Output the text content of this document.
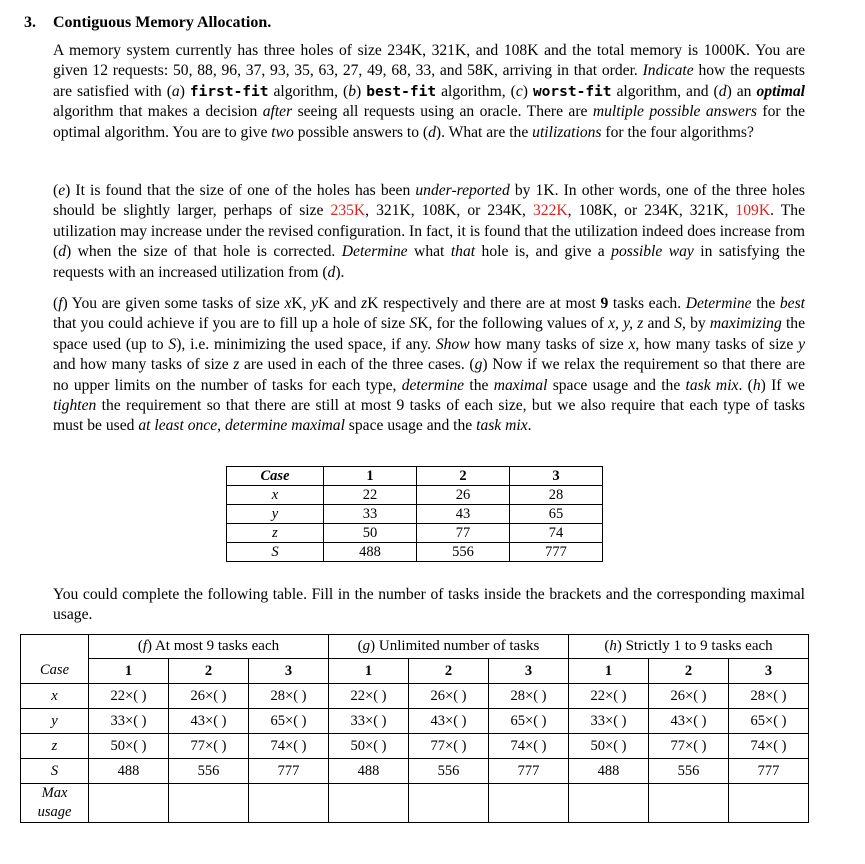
3. Contiguous Memory Allocation.
A memory system currently has three holes of size 234K, 321K, and 108K and the total memory is 1000K. You are given 12 requests: 50, 88, 96, 37, 93, 35, 63, 27, 49, 68, 33, and 58K, arriving in that order. Indicate how the requests are satisfied with (a) first-fit algorithm, (b) best-fit algorithm, (c) worst-fit algorithm, and (d) an optimal algorithm that makes a decision after seeing all requests using an oracle. There are multiple possible answers for the optimal algorithm. You are to give two possible answers to (d). What are the utilizations for the four algorithms?
(e) It is found that the size of one of the holes has been under-reported by 1K. In other words, one of the three holes should be slightly larger, perhaps of size 235K, 321K, 108K, or 234K, 322K, 108K, or 234K, 321K, 109K. The utilization may increase under the revised configuration. In fact, it is found that the utilization indeed does increase from (d) when the size of that hole is corrected. Determine what that hole is, and give a possible way in satisfying the requests with an increased utilization from (d).
(f) You are given some tasks of size xK, yK and zK respectively and there are at most 9 tasks each. Determine the best that you could achieve if you are to fill up a hole of size SK, for the following values of x, y, z and S, by maximizing the space used (up to S), i.e. minimizing the used space, if any. Show how many tasks of size x, how many tasks of size y and how many tasks of size z are used in each of the three cases. (g) Now if we relax the requirement so that there are no upper limits on the number of tasks for each type, determine the maximal space usage and the task mix. (h) If we tighten the requirement so that there are still at most 9 tasks of each size, but we also require that each type of tasks must be used at least once, determine maximal space usage and the task mix.
Case	1	2	3
x	22	26	28
y	33	43	65
z	50	77	74
S	488	556	777
You could complete the following table. Fill in the number of tasks inside the brackets and the corresponding maximal usage.
	(f) At most 9 tasks each			(g) Unlimited number of tasks			(h) Strictly 1 to 9 tasks each		
Case	1	2	3	1	2	3	1	2	3
x	22×( )	26×( )	28×( )	22×( )	26×( )	28×( )	22×( )	26×( )	28×( )
y	33×( )	43×( )	65×( )	33×( )	43×( )	65×( )	33×( )	43×( )	65×( )
z	50×( )	77×( )	74×( )	50×( )	77×( )	74×( )	50×( )	77×( )	74×( )
S	488	556	777	488	556	777	488	556	777
Max
usage									
